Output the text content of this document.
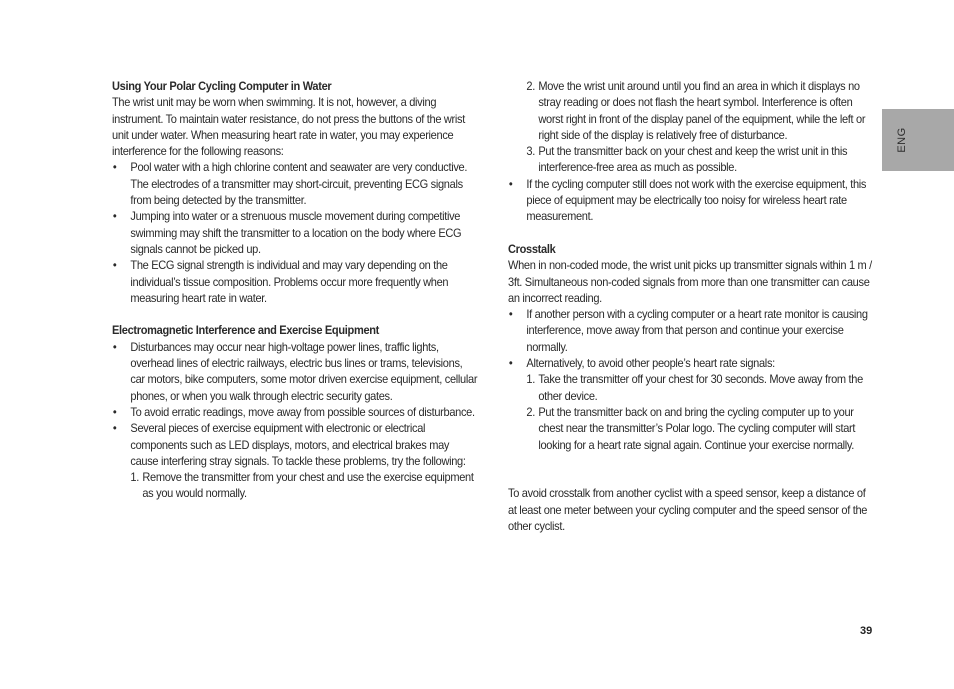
Using Your Polar Cycling Computer in Water

The wrist unit may be worn when swimming. It is not, however, a diving instrument. To maintain water resistance, do not press the buttons of the wrist unit under water. When measuring heart rate in water, you may experience interference for the following reasons:

• Pool water with a high chlorine content and seawater are very conductive. The electrodes of a transmitter may short-circuit, preventing ECG signals from being detected by the transmitter.
• Jumping into water or a strenuous muscle movement during competitive swimming may shift the transmitter to a location on the body where ECG signals cannot be picked up.
• The ECG signal strength is individual and may vary depending on the individual’s tissue composition. Problems occur more frequently when measuring heart rate in water.
Electromagnetic Interference and Exercise Equipment
• Disturbances may occur near high-voltage power lines, traffic lights, overhead lines of electric railways, electric bus lines or trams, televisions, car motors, bike computers, some motor driven exercise equipment, cellular phones, or when you walk through electric security gates.
• To avoid erratic readings, move away from possible sources of disturbance.
• Several pieces of exercise equipment with electronic or electrical components such as LED displays, motors, and electrical brakes may cause interfering stray signals. To tackle these problems, try the following:
1. Remove the transmitter from your chest and use the exercise equipment as you would normally.
2. Move the wrist unit around until you find an area in which it displays no stray reading or does not flash the heart symbol. Interference is often worst right in front of the display panel of the equipment, while the left or right side of the display is relatively free of disturbance.
3. Put the transmitter back on your chest and keep the wrist unit in this interference-free area as much as possible.
• If the cycling computer still does not work with the exercise equipment, this piece of equipment may be electrically too noisy for wireless heart rate measurement.
Crosstalk

When in non-coded mode, the wrist unit picks up transmitter signals within 1 m / 3ft. Simultaneous non-coded signals from more than one transmitter can cause an incorrect reading.

• If another person with a cycling computer or a heart rate monitor is causing interference, move away from that person and continue your exercise normally.
• Alternatively, to avoid other people’s heart rate signals:
1. Take the transmitter off your chest for 30 seconds. Move away from the other device.
2. Put the transmitter back on and bring the cycling computer up to your chest near the transmitter’s Polar logo. The cycling computer will start looking for a heart rate signal again. Continue your exercise normally.

To avoid crosstalk from another cyclist with a speed sensor, keep a distance of at least one meter between your cycling computer and the speed sensor of the other cyclist.

ENG
39
